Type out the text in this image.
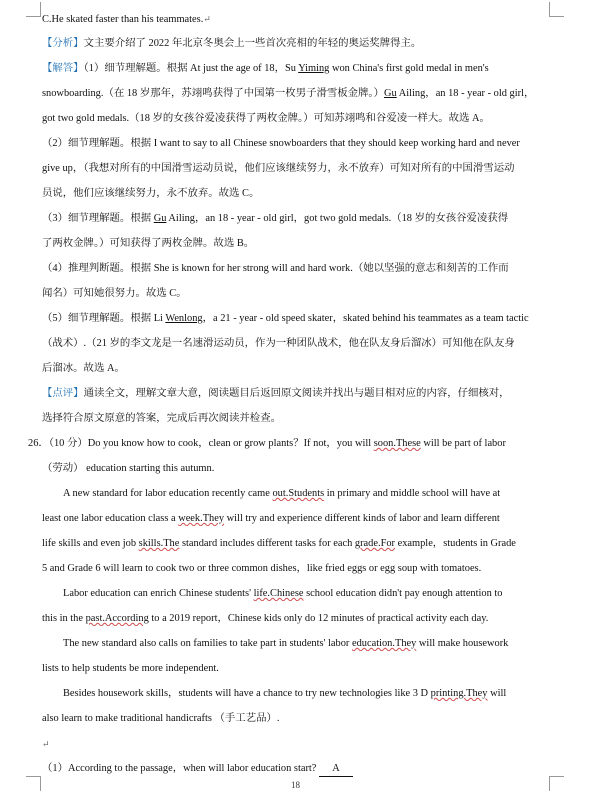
C.He skated faster than his teammates.↵
【分析】文主要介绍了 2022 年北京冬奥会上一些首次亮相的年轻的奥运奖牌得主。
【解答】（1）细节理解题。根据 At just the age of 18，Su Yiming won China's first gold medal in men's
snowboarding.（在 18 岁那年，苏翊鸣获得了中国第一枚男子滑雪板金牌。）Gu Ailing，an 18 - year - old girl，
got two gold medals.（18 岁的女孩谷爱凌获得了两枚金牌。）可知苏翊鸣和谷爱凌一样大。故选 A。
（2）细节理解题。根据 I want to say to all Chinese snowboarders that they should keep working hard and never
give up，（我想对所有的中国滑雪运动员说，他们应该继续努力，永不放弃）可知对所有的中国滑雪运动
员说，他们应该继续努力，永不放弃。故选 C。
（3）细节理解题。根据 Gu Ailing，an 18 - year - old girl，got two gold medals.（18 岁的女孩谷爱凌获得
了两枚金牌。）可知获得了两枚金牌。故选 B。
（4）推理判断题。根据 She is known for her strong will and hard work.（她以坚强的意志和刻苦的工作而
闻名）可知她很努力。故选 C。
（5）细节理解题。根据 Li Wenlong，a 21 - year - old speed skater，skated behind his teammates as a team tactic
（战术）.（21 岁的李文龙是一名速滑运动员，作为一种团队战术，他在队友身后溜冰）可知他在队友身
后溜冰。故选 A。
【点评】通读全文，理解文章大意，阅读题目后返回原文阅读并找出与题目相对应的内容，仔细核对，
选择符合原文原意的答案，完成后再次阅读并检查。
26．（10 分）Do you know how to cook，clean or grow plants？If not，you will soon.These will be part of labor
（劳动） education starting this autumn.
A new standard for labor education recently came out.Students in primary and middle school will have at
least one labor education class a week.They will try and experience different kinds of labor and learn different
life skills and even job skills.The standard includes different tasks for each grade.For example，students in Grade
5 and Grade 6 will learn to cook two or three common dishes，like fried eggs or egg soup with tomatoes.
Labor education can enrich Chinese students' life.Chinese school education didn't pay enough attention to
this in the past.According to a 2019 report，Chinese kids only do 12 minutes of practical activity each day.
The new standard also calls on families to take part in students' labor education.They will make housework
lists to help students be more independent.
Besides housework skills，students will have a chance to try new technologies like 3 D printing.They will
also learn to make traditional handicrafts （手工艺品）.
↵
（1）According to the passage，when will labor education start? A
18
